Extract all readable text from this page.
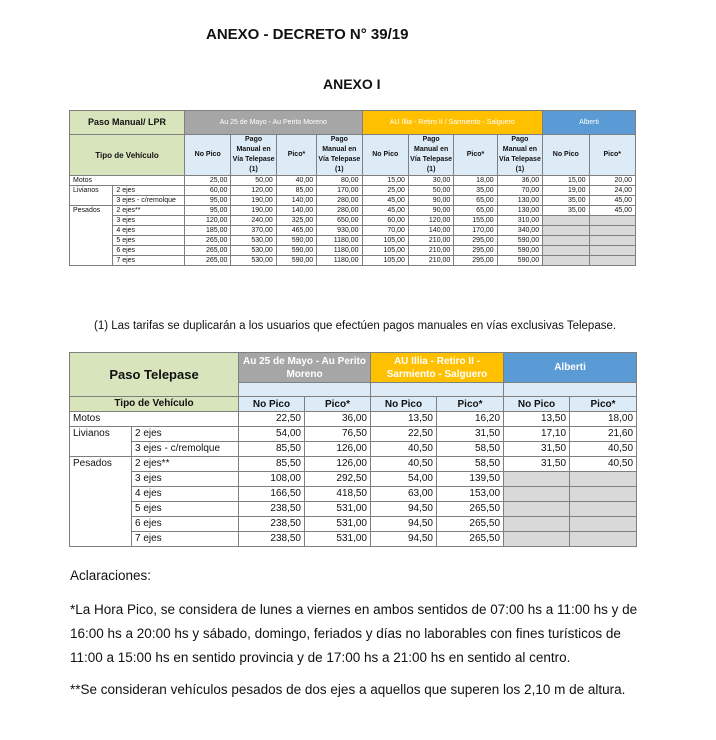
ANEXO - DECRETO N° 39/19
ANEXO I
Paso Manual/ LPR		Au 25 de Mayo - Au Perito Moreno				AU Illia - Retiro II / Sarmiento - Salguero				Alberti	
Tipo de Vehículo		No Pico	Pago Manual en Vía Telepase (1)	Pico*	Pago Manual en Vía Telepase (1)	No Pico	Pago Manual en Vía Telepase (1)	Pico*	Pago Manual en Vía Telepase (1)	No Pico	Pico*
Motos		25,00	50,00	40,00	80,00	15,00	30,00	18,00	36,00	15,00	20,00
Livianos	2 ejes	60,00	120,00	85,00	170,00	25,00	50,00	35,00	70,00	19,00	24,00
	3 ejes - c/remolque	95,00	190,00	140,00	280,00	45,00	90,00	65,00	130,00	35,00	45,00
Pesados	2 ejes**	95,00	190,00	140,00	280,00	45,00	90,00	65,00	130,00	35,00	45,00
	3 ejes	120,00	240,00	325,00	650,00	60,00	120,00	155,00	310,00		
	4 ejes	185,00	370,00	465,00	930,00	70,00	140,00	170,00	340,00		
	5 ejes	265,00	530,00	590,00	1180,00	105,00	210,00	295,00	590,00		
	6 ejes	265,00	530,00	590,00	1180,00	105,00	210,00	295,00	590,00		
	7 ejes	265,00	530,00	590,00	1180,00	105,00	210,00	295,00	590,00		
(1) Las tarifas se duplicarán a los usuarios que efectúen pagos manuales en vías exclusivas Telepase.
Paso Telepase		Au 25 de Mayo - Au Perito Moreno		AU Illia - Retiro II - Sarmiento - Salguero		Alberti	

Tipo de Vehículo		No Pico	Pico*	No Pico	Pico*	No Pico	Pico*
Motos		22,50	36,00	13,50	16,20	13,50	18,00
Livianos	2 ejes	54,00	76,50	22,50	31,50	17,10	21,60
	3 ejes - c/remolque	85,50	126,00	40,50	58,50	31,50	40,50
Pesados	2 ejes**	85,50	126,00	40,50	58,50	31,50	40,50
	3 ejes	108,00	292,50	54,00	139,50		
	4 ejes	166,50	418,50	63,00	153,00		
	5 ejes	238,50	531,00	94,50	265,50		
	6 ejes	238,50	531,00	94,50	265,50		
	7 ejes	238,50	531,00	94,50	265,50		
Aclaraciones:
*La Hora Pico, se considera de lunes a viernes en ambos sentidos de 07:00 hs a 11:00 hs y de 16:00 hs a 20:00 hs y sábado, domingo, feriados y días no laborables con fines turísticos de 11:00 a 15:00 hs en sentido provincia y de 17:00 hs a 21:00 hs en sentido al centro.
**Se consideran vehículos pesados de dos ejes a aquellos que superen los 2,10 m de altura.
